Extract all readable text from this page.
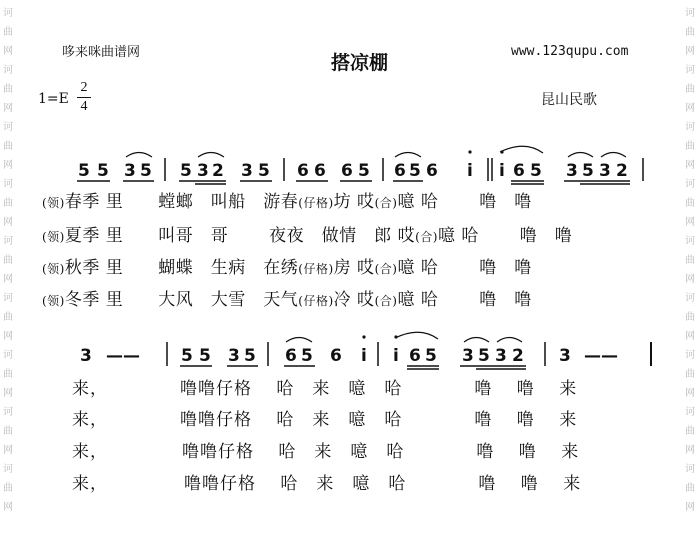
诃曲网诃曲网诃曲网诃曲网诃曲网诃曲网诃曲网诃曲网诃曲网
诃曲网诃曲网诃曲网诃曲网诃曲网诃曲网诃曲网诃曲网诃曲网
哆来咪曲谱网	www.123qupu.com
搭凉棚
1=E
2
4	昆山民歌
5 5 3 5 5 3 2 3 5 6 6 6 5 6 5 6 i i 6 5 3 5 3 2
3 —— 5 5 3 5 6 5 6 i i 6 5 3 5 3 2 3 ——
(领)春季 里　　螳螂　叫船　游春(仔格)坊 哎(合)噫 哈　　 噜　噜
(领)夏季 里　　叫哥　哥　　 夜夜　做情　郎 哎(合)噫 哈　　 噜　噜
(领)秋季 里　　蝴蝶　生病　在绣(仔格)房 哎(合)噫 哈　　 噜　噜
(领)冬季 里　　大风　大雪　天气(仔格)冷 哎(合)噫 哈　　 噜　噜
来，	噜噜仔格　 哈　来　噫　哈　　　　噜　 噜　 来
来，	噜噜仔格　 哈　来　噫　哈　　　　噜　 噜　 来
来，	噜噜仔格　 哈　来　噫　哈　　　　噜　 噜　 来
来，	噜噜仔格　 哈　来　噫　哈　　　　噜　 噜　 来
